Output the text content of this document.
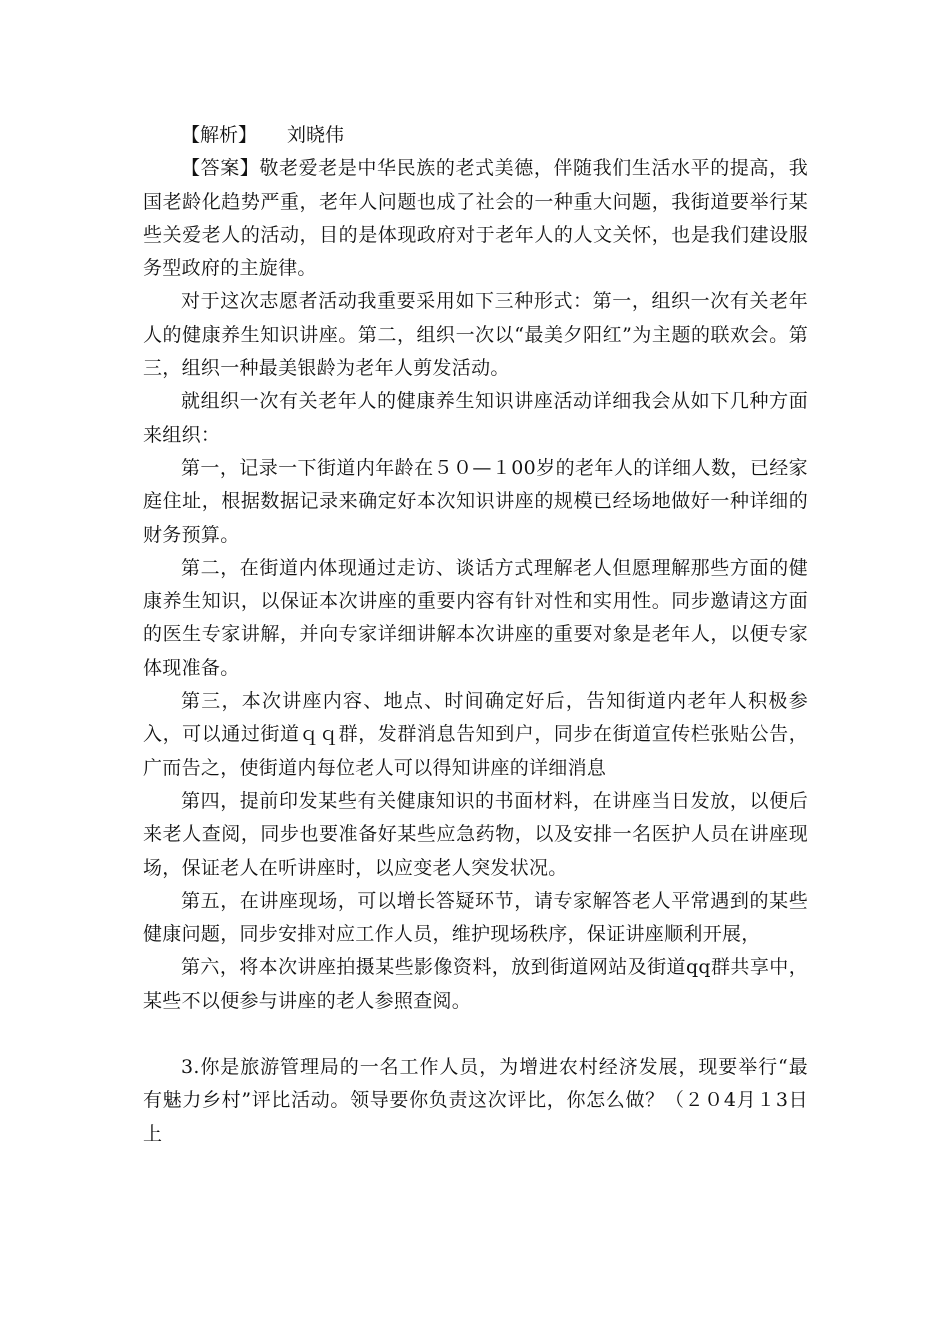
【解析】 刘晓伟

【答案】敬老爱老是中华民族的老式美德，伴随我们生活水平的提高，我国老龄化趋势严重，老年人问题也成了社会的一种重大问题，我街道要举行某些关爱老人的活动，目的是体现政府对于老年人的人文关怀，也是我们建设服务型政府的主旋律。

对于这次志愿者活动我重要采用如下三种形式：第一，组织一次有关老年人的健康养生知识讲座。第二，组织一次以“最美夕阳红”为主题的联欢会。第三，组织一种最美银龄为老年人剪发活动。

就组织一次有关老年人的健康养生知识讲座活动详细我会从如下几种方面来组织：

第一，记录一下街道内年龄在５０—１00岁的老年人的详细人数，已经家庭住址，根据数据记录来确定好本次知识讲座的规模已经场地做好一种详细的财务预算。

第二，在街道内体现通过走访、谈话方式理解老人但愿理解那些方面的健康养生知识，以保证本次讲座的重要内容有针对性和实用性。同步邀请这方面的医生专家讲解，并向专家详细讲解本次讲座的重要对象是老年人，以便专家体现准备。

第三，本次讲座内容、地点、时间确定好后，告知街道内老年人积极参入，可以通过街道ｑｑ群，发群消息告知到户，同步在街道宣传栏张贴公告，广而告之，使街道内每位老人可以得知讲座的详细消息

第四，提前印发某些有关健康知识的书面材料，在讲座当日发放，以便后来老人查阅，同步也要准备好某些应急药物，以及安排一名医护人员在讲座现场，保证老人在听讲座时，以应变老人突发状况。

第五，在讲座现场，可以增长答疑环节，请专家解答老人平常遇到的某些健康问题，同步安排对应工作人员，维护现场秩序，保证讲座顺利开展，

第六，将本次讲座拍摄某些影像资料，放到街道网站及街道qq群共享中，某些不以便参与讲座的老人参照查阅。

3.你是旅游管理局的一名工作人员，为增进农村经济发展，现要举行“最有魅力乡村”评比活动。领导要你负责这次评比，你怎么做？（２０4月１3日上
